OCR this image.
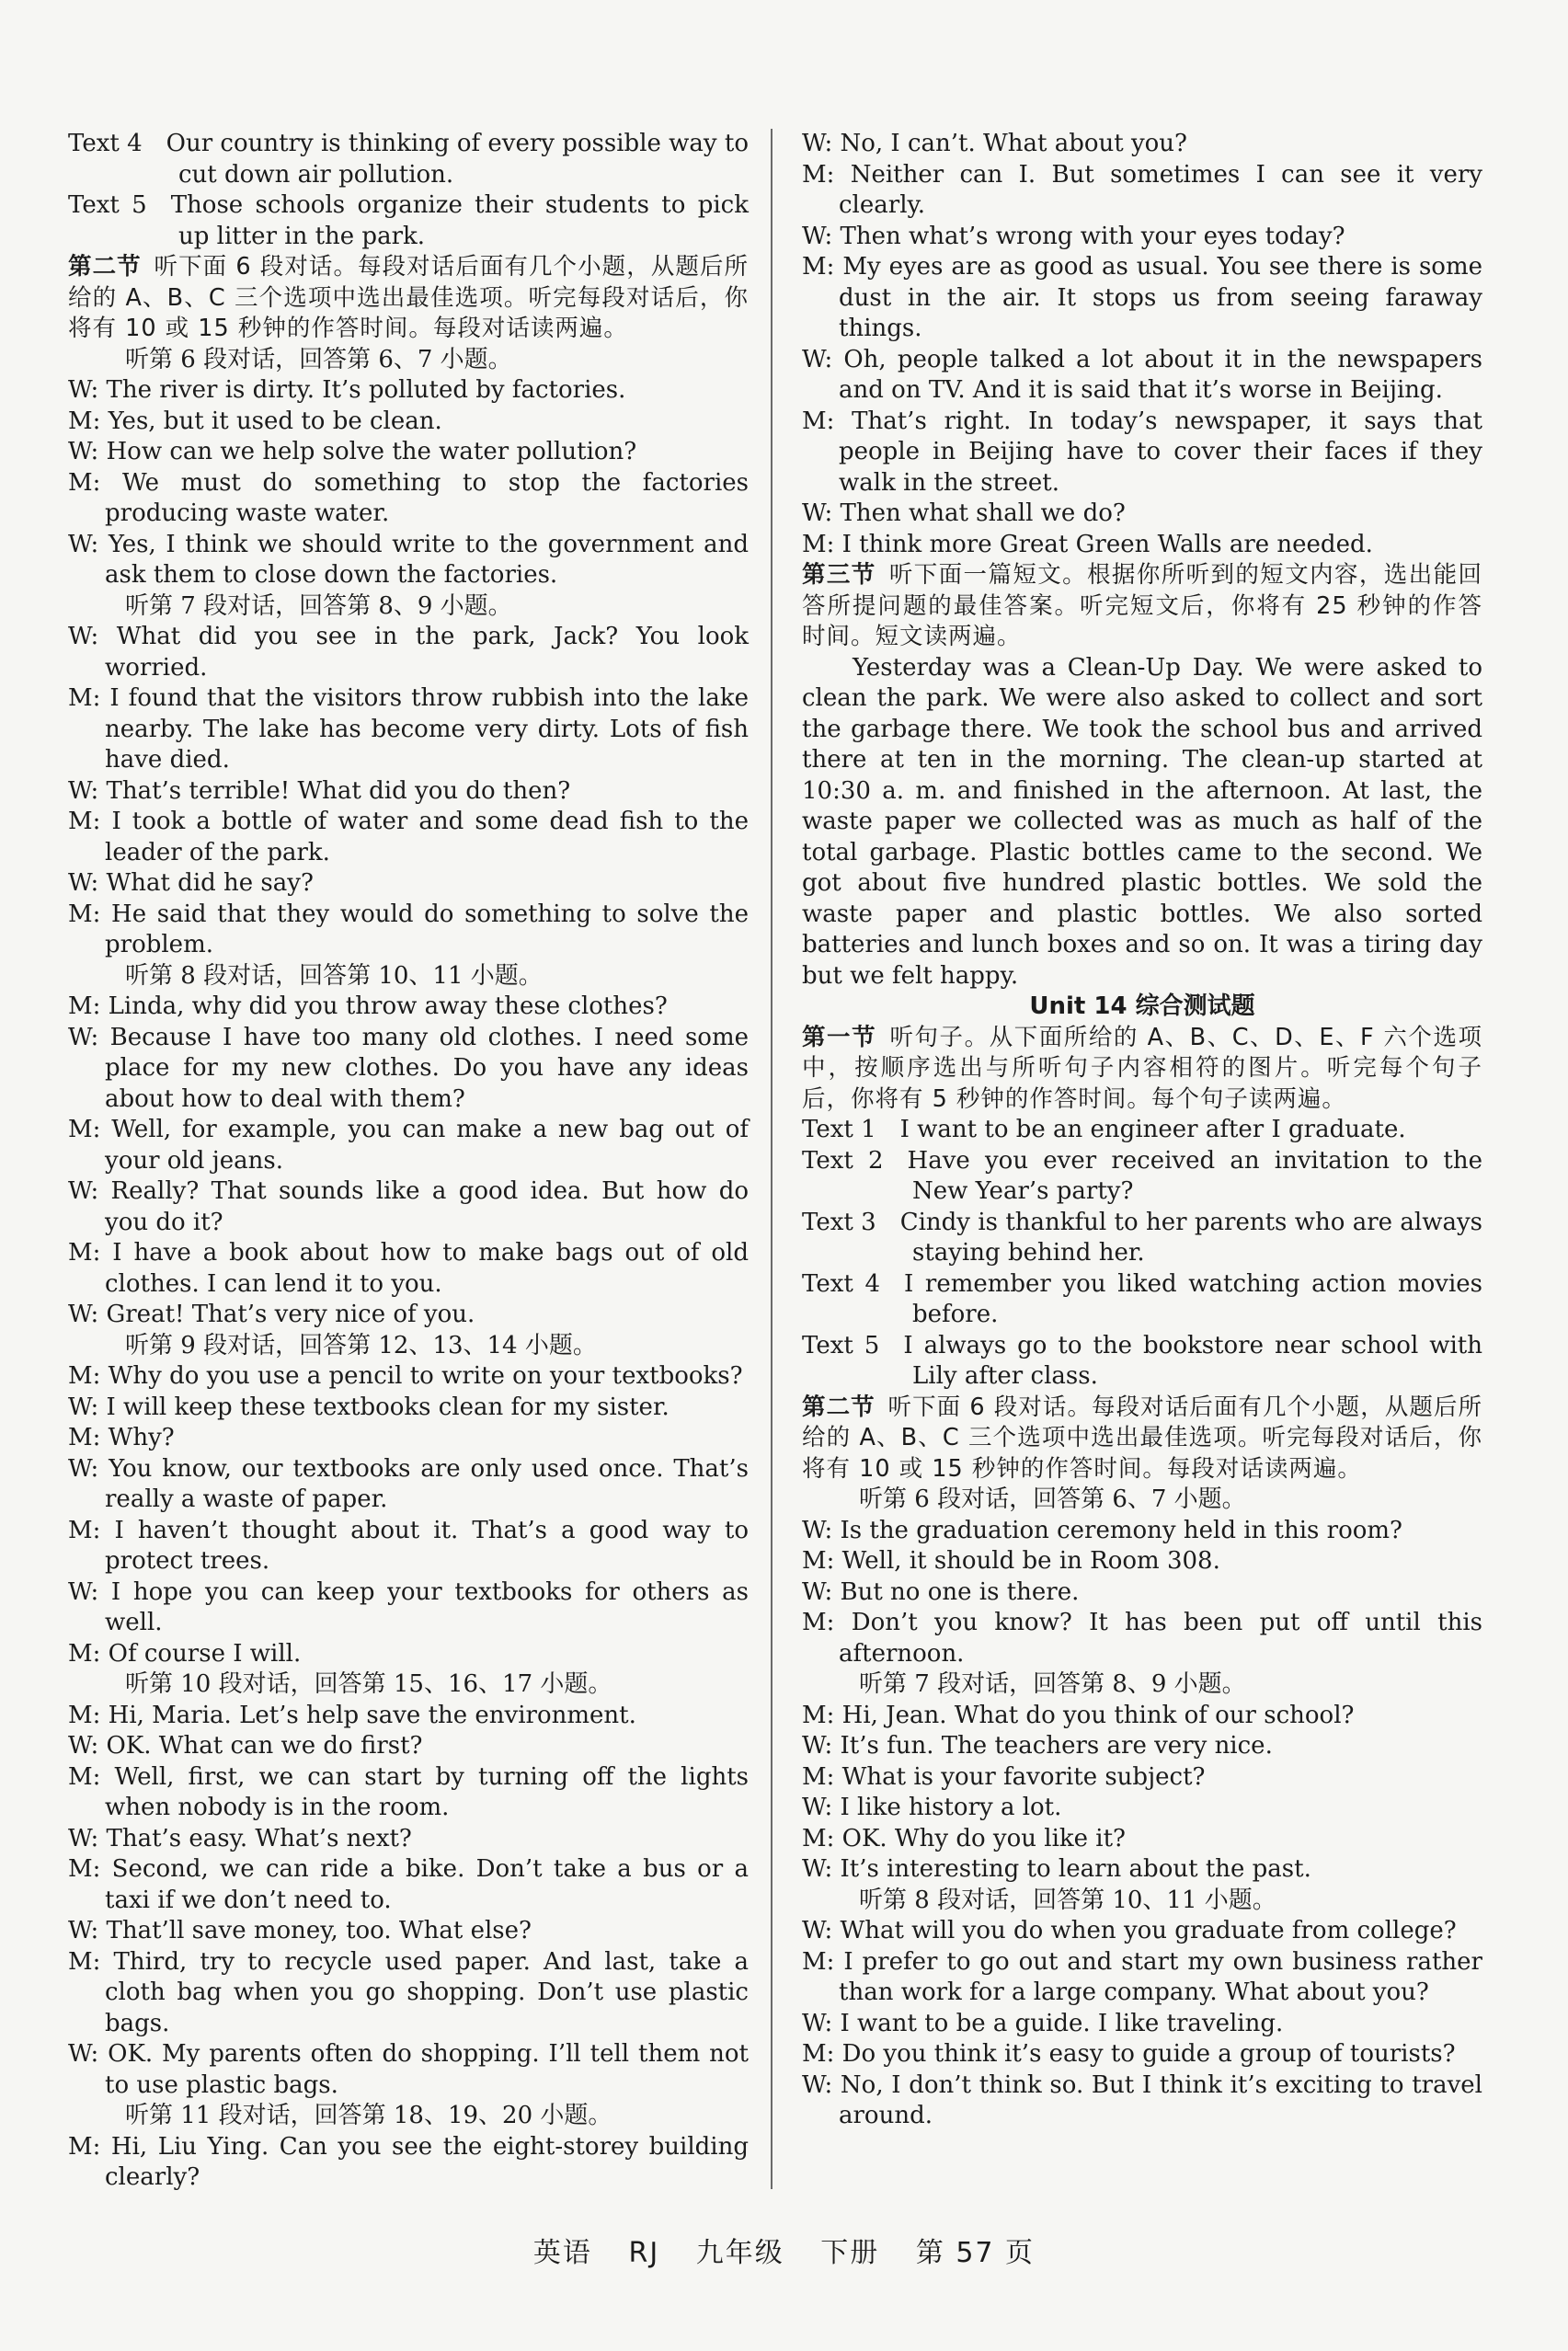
Text 4  Our country is thinking of every possible way to cut down air pollution.

Text 5  Those schools organize their students to pick up litter in the park.

第二节 听下面 6 段对话。每段对话后面有几个小题，从题后所给的 A、B、C 三个选项中选出最佳选项。听完每段对话后，你将有 10 或 15 秒钟的作答时间。每段对话读两遍。

听第 6 段对话，回答第 6、7 小题。

W: The river is dirty. It’s polluted by factories.

M: Yes, but it used to be clean.

W: How can we help solve the water pollution?

M: We must do something to stop the factories producing waste water.

W: Yes, I think we should write to the government and ask them to close down the factories.

听第 7 段对话，回答第 8、9 小题。

W: What did you see in the park, Jack? You look worried.

M: I found that the visitors throw rubbish into the lake nearby. The lake has become very dirty. Lots of fish have died.

W: That’s terrible! What did you do then?

M: I took a bottle of water and some dead fish to the leader of the park.

W: What did he say?

M: He said that they would do something to solve the problem.

听第 8 段对话，回答第 10、11 小题。

M: Linda, why did you throw away these clothes?

W: Because I have too many old clothes. I need some place for my new clothes. Do you have any ideas about how to deal with them?

M: Well, for example, you can make a new bag out of your old jeans.

W: Really? That sounds like a good idea. But how do you do it?

M: I have a book about how to make bags out of old clothes. I can lend it to you.

W: Great! That’s very nice of you.

听第 9 段对话，回答第 12、13、14 小题。

M: Why do you use a pencil to write on your textbooks?

W: I will keep these textbooks clean for my sister.

M: Why?

W: You know, our textbooks are only used once. That’s really a waste of paper.

M: I haven’t thought about it. That’s a good way to protect trees.

W: I hope you can keep your textbooks for others as well.

M: Of course I will.

听第 10 段对话，回答第 15、16、17 小题。

M: Hi, Maria. Let’s help save the environment.

W: OK. What can we do first?

M: Well, first, we can start by turning off the lights when nobody is in the room.

W: That’s easy. What’s next?

M: Second, we can ride a bike. Don’t take a bus or a taxi if we don’t need to.

W: That’ll save money, too. What else?

M: Third, try to recycle used paper. And last, take a cloth bag when you go shopping. Don’t use plastic bags.

W: OK. My parents often do shopping. I’ll tell them not to use plastic bags.

听第 11 段对话，回答第 18、19、20 小题。

M: Hi, Liu Ying. Can you see the eight-storey building clearly?

W: No, I can’t. What about you?

M: Neither can I. But sometimes I can see it very clearly.

W: Then what’s wrong with your eyes today?

M: My eyes are as good as usual. You see there is some dust in the air. It stops us from seeing faraway things.

W: Oh, people talked a lot about it in the newspapers and on TV. And it is said that it’s worse in Beijing.

M: That’s right. In today’s newspaper, it says that people in Beijing have to cover their faces if they walk in the street.

W: Then what shall we do?

M: I think more Great Green Walls are needed.

第三节 听下面一篇短文。根据你所听到的短文内容，选出能回答所提问题的最佳答案。听完短文后，你将有 25 秒钟的作答时间。短文读两遍。

Yesterday was a Clean-Up Day. We were asked to clean the park. We were also asked to collect and sort the garbage there. We took the school bus and arrived there at ten in the morning. The clean-up started at 10:30 a. m. and finished in the afternoon. At last, the waste paper we collected was as much as half of the total garbage. Plastic bottles came to the second. We got about five hundred plastic bottles. We sold the waste paper and plastic bottles. We also sorted batteries and lunch boxes and so on. It was a tiring day but we felt happy.

Unit 14 综合测试题

第一节 听句子。从下面所给的 A、B、C、D、E、F 六个选项中，按顺序选出与所听句子内容相符的图片。听完每个句子后，你将有 5 秒钟的作答时间。每个句子读两遍。

Text 1  I want to be an engineer after I graduate.

Text 2  Have you ever received an invitation to the New Year’s party?

Text 3  Cindy is thankful to her parents who are always staying behind her.

Text 4  I remember you liked watching action movies before.

Text 5  I always go to the bookstore near school with Lily after class.

第二节 听下面 6 段对话。每段对话后面有几个小题，从题后所给的 A、B、C 三个选项中选出最佳选项。听完每段对话后，你将有 10 或 15 秒钟的作答时间。每段对话读两遍。

听第 6 段对话，回答第 6、7 小题。

W: Is the graduation ceremony held in this room?

M: Well, it should be in Room 308.

W: But no one is there.

M: Don’t you know? It has been put off until this afternoon.

听第 7 段对话，回答第 8、9 小题。

M: Hi, Jean. What do you think of our school?

W: It’s fun. The teachers are very nice.

M: What is your favorite subject?

W: I like history a lot.

M: OK. Why do you like it?

W: It’s interesting to learn about the past.

听第 8 段对话，回答第 10、11 小题。

W: What will you do when you graduate from college?

M: I prefer to go out and start my own business rather than work for a large company. What about you?

W: I want to be a guide. I like traveling.

M: Do you think it’s easy to guide a group of tourists?

W: No, I don’t think so. But I think it’s exciting to travel around.

英语 RJ 九年级 下册 第 57 页
